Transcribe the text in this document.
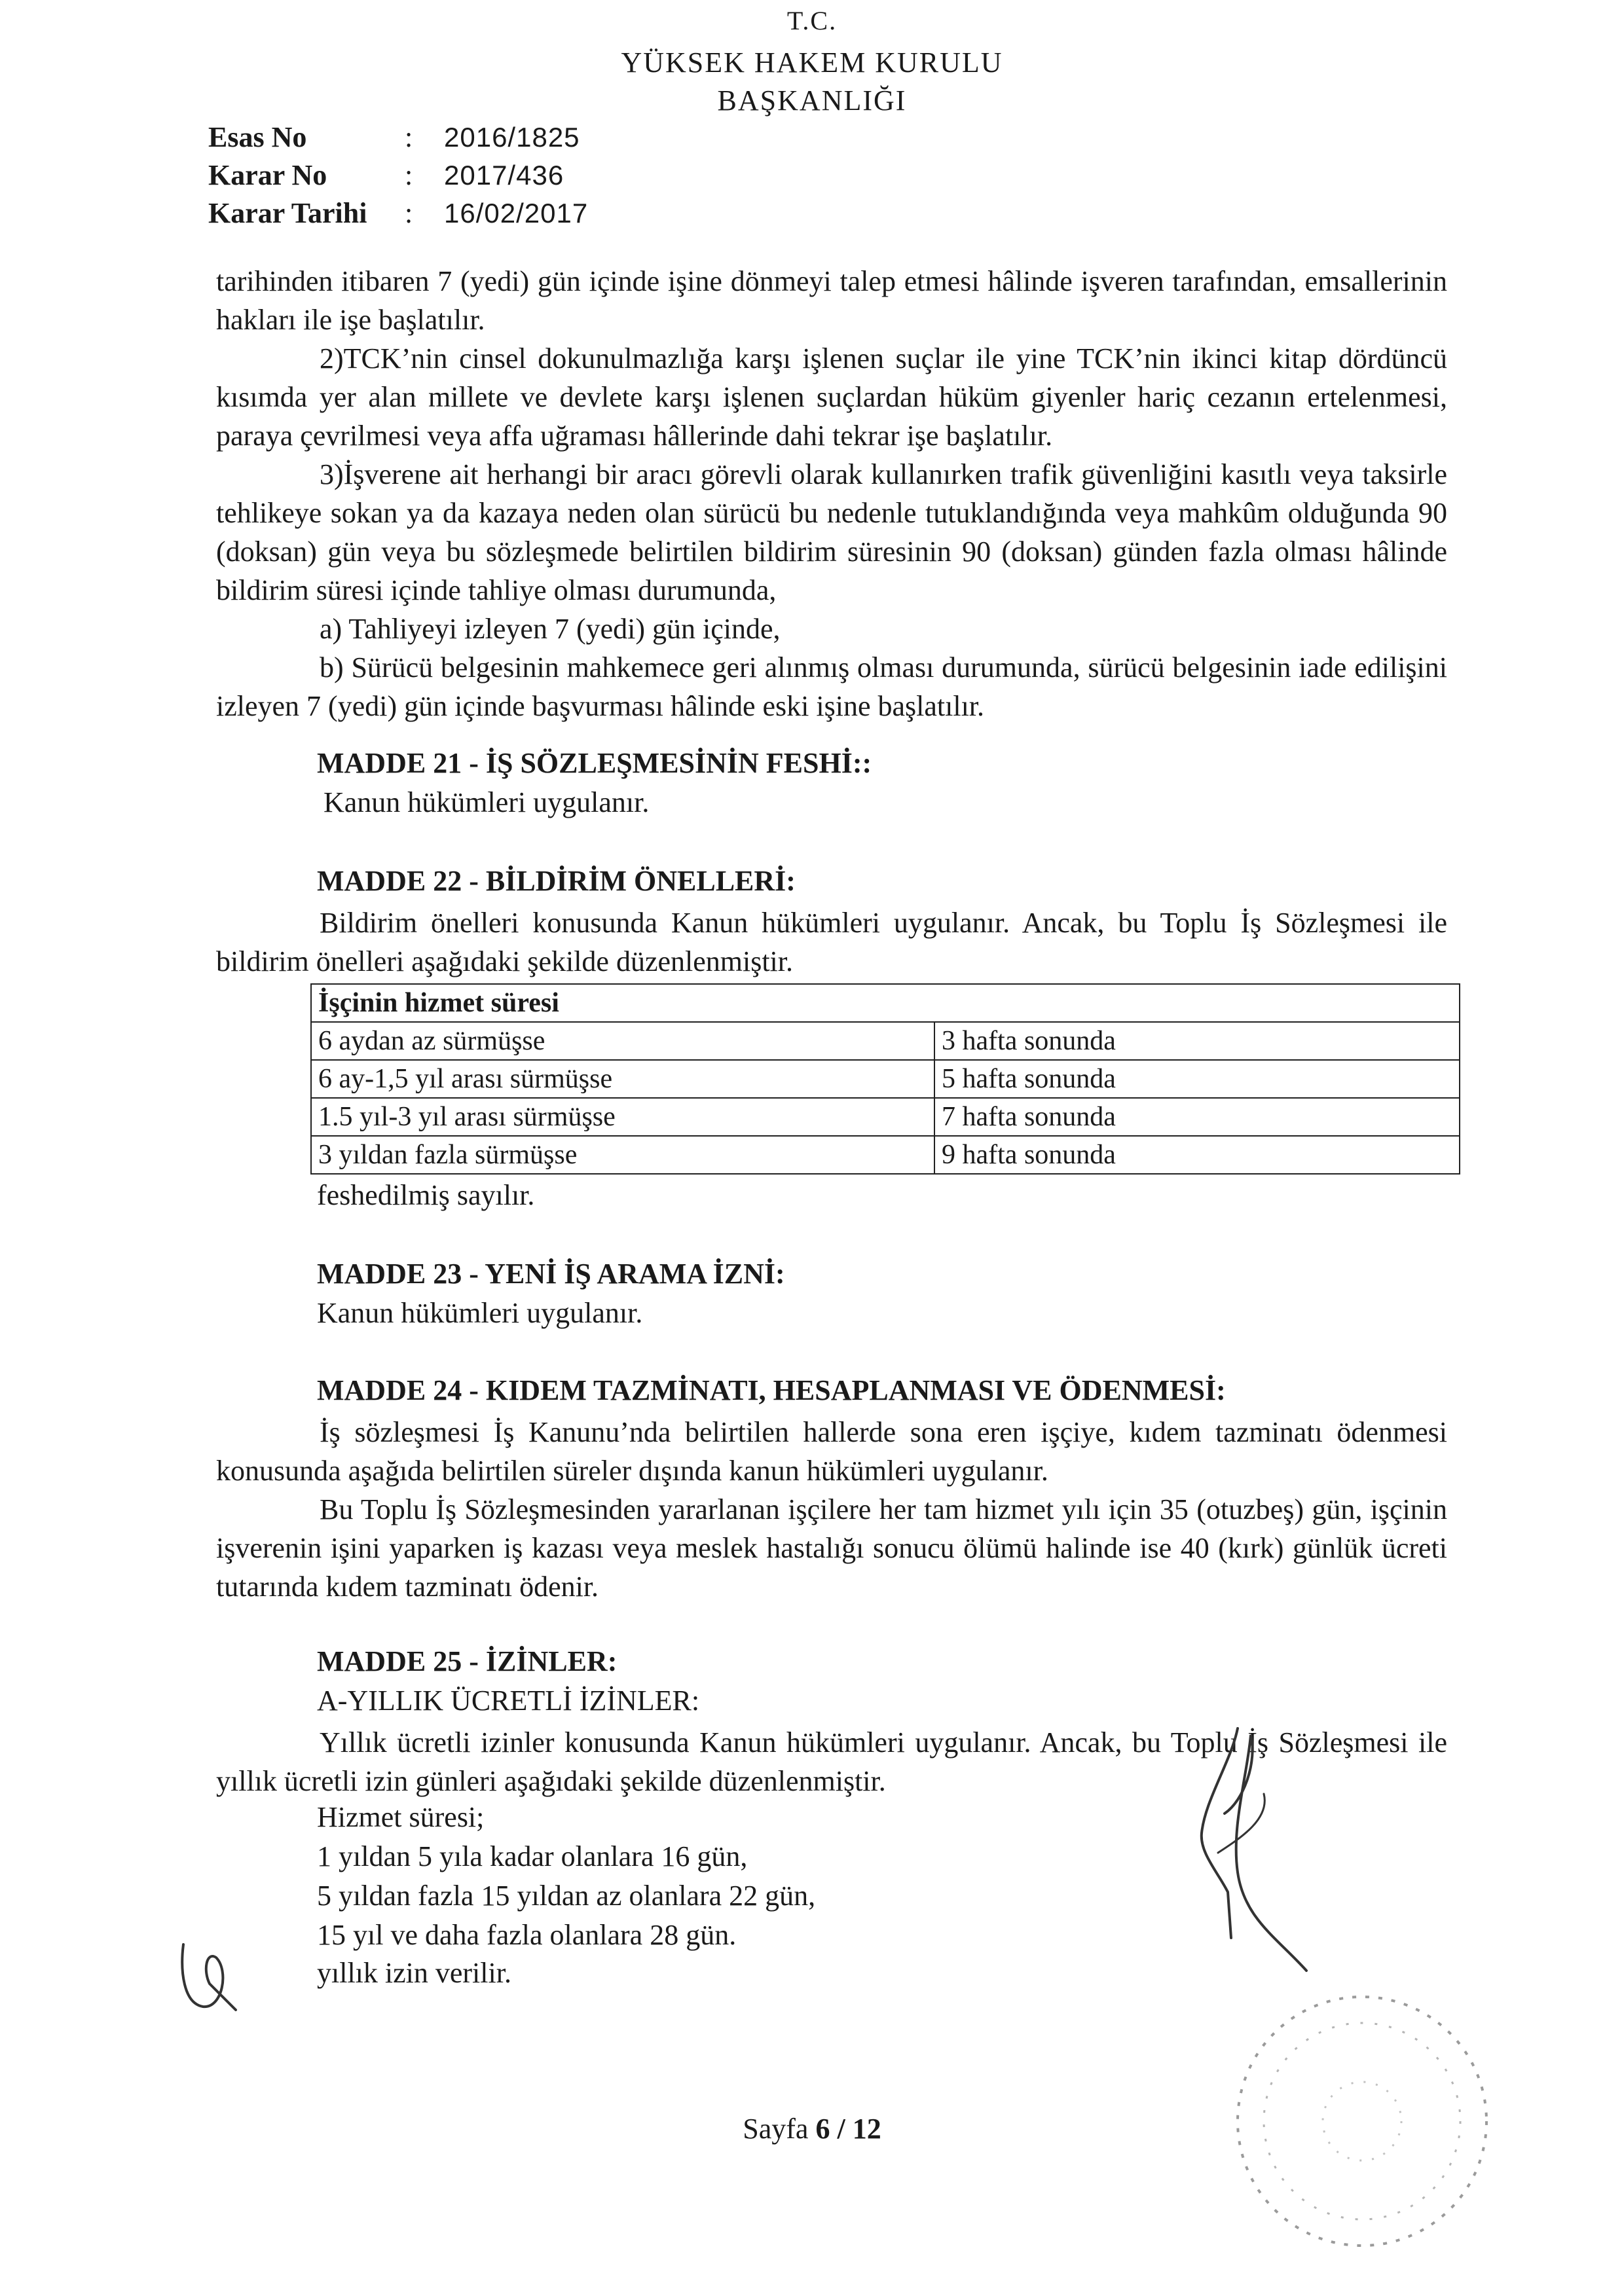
T.C.
YÜKSEK HAKEM KURULU
BAŞKANLIĞI
Esas No	: 2016/1825
Karar No	: 2017/436
Karar Tarihi : 16/02/2017

tarihinden itibaren 7 (yedi) gün içinde işine dönmeyi talep etmesi hâlinde işveren tarafından, emsallerinin hakları ile işe başlatılır.

2)TCK’nin cinsel dokunulmazlığa karşı işlenen suçlar ile yine TCK’nin ikinci kitap dördüncü kısımda yer alan millete ve devlete karşı işlenen suçlardan hüküm giyenler hariç cezanın ertelenmesi, paraya çevrilmesi veya affa uğraması hâllerinde dahi tekrar işe başlatılır.

3)İşverene ait herhangi bir aracı görevli olarak kullanırken trafik güvenliğini kasıtlı veya taksirle tehlikeye sokan ya da kazaya neden olan sürücü bu nedenle tutuklandığında veya mahkûm olduğunda 90 (doksan) gün veya bu sözleşmede belirtilen bildirim süresinin 90 (doksan) günden fazla olması hâlinde bildirim süresi içinde tahliye olması durumunda,

a) Tahliyeyi izleyen 7 (yedi) gün içinde,

b) Sürücü belgesinin mahkemece geri alınmış olması durumunda, sürücü belgesinin iade edilişini izleyen 7 (yedi) gün içinde başvurması hâlinde eski işine başlatılır.

MADDE 21 - İŞ SÖZLEŞMESİNİN FESHİ::
Kanun hükümleri uygulanır.
MADDE 22 - BİLDİRİM ÖNELLERİ:

Bildirim önelleri konusunda Kanun hükümleri uygulanır. Ancak, bu Toplu İş Sözleşmesi ile bildirim önelleri aşağıdaki şekilde düzenlenmiştir.

İşçinin hizmet süresi	
6 aydan az sürmüşse	3 hafta sonunda
6 ay-1,5 yıl arası sürmüşse	5 hafta sonunda
1.5 yıl-3 yıl arası sürmüşse	7 hafta sonunda
3 yıldan fazla sürmüşse	9 hafta sonunda
feshedilmiş sayılır.
MADDE 23 - YENİ İŞ ARAMA İZNİ:
Kanun hükümleri uygulanır.
MADDE 24 - KIDEM TAZMİNATI, HESAPLANMASI VE ÖDENMESİ:

İş sözleşmesi İş Kanunu’nda belirtilen hallerde sona eren işçiye, kıdem tazminatı ödenmesi konusunda aşağıda belirtilen süreler dışında kanun hükümleri uygulanır.

Bu Toplu İş Sözleşmesinden yararlanan işçilere her tam hizmet yılı için 35 (otuzbeş) gün, işçinin işverenin işini yaparken iş kazası veya meslek hastalığı sonucu ölümü halinde ise 40 (kırk) günlük ücreti tutarında kıdem tazminatı ödenir.

MADDE 25 - İZİNLER:
A-YILLIK ÜCRETLİ İZİNLER:

Yıllık ücretli izinler konusunda Kanun hükümleri uygulanır. Ancak, bu Toplu İş Sözleşmesi ile yıllık ücretli izin günleri aşağıdaki şekilde düzenlenmiştir.

Hizmet süresi;
1 yıldan 5 yıla kadar olanlara 16 gün,
5 yıldan fazla 15 yıldan az olanlara 22 gün,
15 yıl ve daha fazla olanlara 28 gün.
yıllık izin verilir.
Sayfa 6 / 12
